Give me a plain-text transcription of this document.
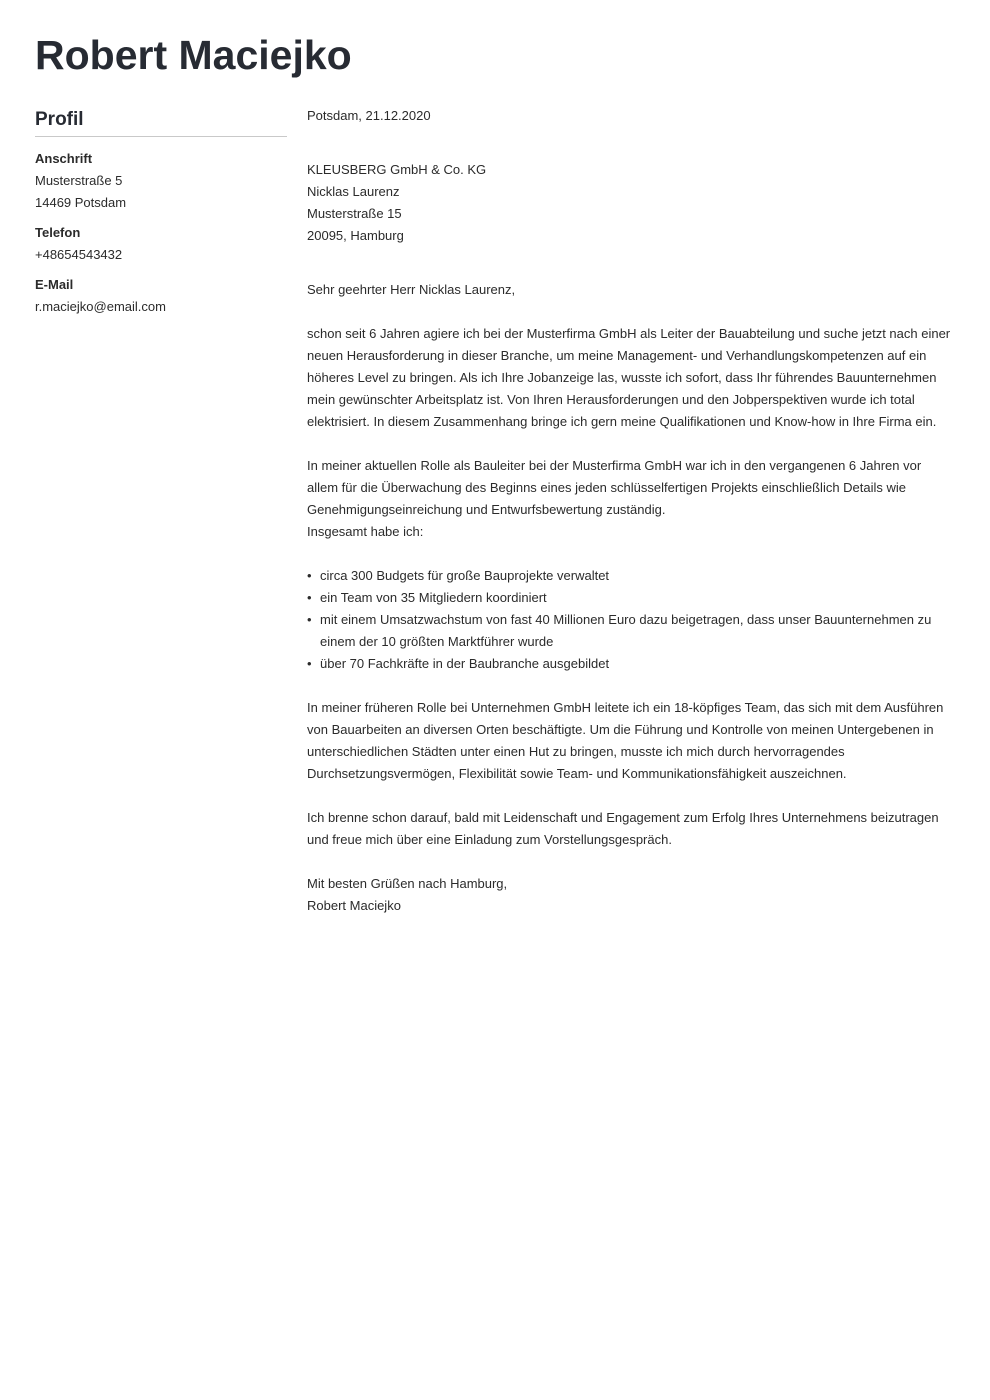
Robert Maciejko
Profil
Anschrift
Musterstraße 5
14469 Potsdam
Telefon
+48654543432
E-Mail
r.maciejko@email.com

Potsdam, 21.12.2020

KLEUSBERG GmbH & Co. KG

Nicklas Laurenz

Musterstraße 15

20095, Hamburg

Sehr geehrter Herr Nicklas Laurenz,

schon seit 6 Jahren agiere ich bei der Musterfirma GmbH als Leiter der Bauabteilung und suche jetzt nach einer neuen Herausforderung in dieser Branche, um meine Management- und Verhandlungskompetenzen auf ein höheres Level zu bringen. Als ich Ihre Jobanzeige las, wusste ich sofort, dass Ihr führendes Bauunternehmen mein gewünschter Arbeitsplatz ist. Von Ihren Herausforderungen und den Jobperspektiven wurde ich total elektrisiert. In diesem Zusammenhang bringe ich gern meine Qualifikationen und Know-how in Ihre Firma ein.

In meiner aktuellen Rolle als Bauleiter bei der Musterfirma GmbH war ich in den vergangenen 6 Jahren vor allem für die Überwachung des Beginns eines jeden schlüsselfertigen Projekts einschließlich Details wie Genehmigungseinreichung und Entwurfsbewertung zuständig.

Insgesamt habe ich:

• circa 300 Budgets für große Bauprojekte verwaltet
• ein Team von 35 Mitgliedern koordiniert
• mit einem Umsatzwachstum von fast 40 Millionen Euro dazu beigetragen, dass unser Bauunternehmen zu einem der 10 größten Marktführer wurde
• über 70 Fachkräfte in der Baubranche ausgebildet

In meiner früheren Rolle bei Unternehmen GmbH leitete ich ein 18-köpfiges Team, das sich mit dem Ausführen von Bauarbeiten an diversen Orten beschäftigte. Um die Führung und Kontrolle von meinen Untergebenen in unterschiedlichen Städten unter einen Hut zu bringen, musste ich mich durch hervorragendes Durchsetzungsvermögen, Flexibilität sowie Team- und Kommunikationsfähigkeit auszeichnen.

Ich brenne schon darauf, bald mit Leidenschaft und Engagement zum Erfolg Ihres Unternehmens beizutragen und freue mich über eine Einladung zum Vorstellungsgespräch.

Mit besten Grüßen nach Hamburg,

Robert Maciejko
